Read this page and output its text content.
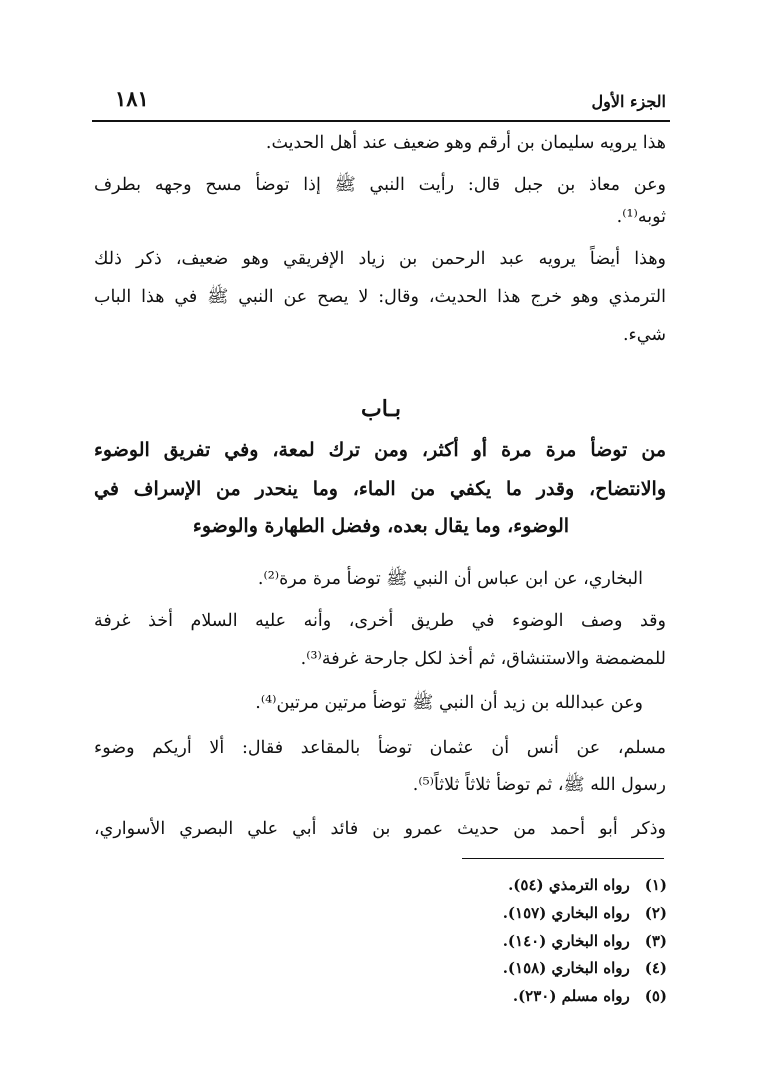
الجزء الأول
١٨١
هذا يرويه سليمان بن أرقم وهو ضعيف عند أهل الحديث.
وعن معاذ بن جبل قال: رأيت النبي ﷺ إذا توضأ مسح وجهه بطرف
ثوبه⁽¹⁾.
وهذا أيضاً يرويه عبد الرحمن بن زياد الإفريقي وهو ضعيف، ذكر ذلك
الترمذي وهو خرج هذا الحديث، وقال: لا يصح عن النبي ﷺ في هذا الباب
شيء.
بـاب
من توضأ مرة مرة أو أكثر، ومن ترك لمعة، وفي تفريق الوضوء
والانتضاح، وقدر ما يكفي من الماء، وما ينحدر من الإسراف في
الوضوء، وما يقال بعده، وفضل الطهارة والوضوء
البخاري، عن ابن عباس أن النبي ﷺ توضأ مرة مرة⁽²⁾.
وقد وصف الوضوء في طريق أخرى، وأنه عليه السلام أخذ غرفة
للمضمضة والاستنشاق، ثم أخذ لكل جارحة غرفة⁽³⁾.
وعن عبدالله بن زيد أن النبي ﷺ توضأ مرتين مرتين⁽⁴⁾.
مسلم، عن أنس أن عثمان توضأ بالمقاعد فقال: ألا أريكم وضوء
رسول الله ﷺ، ثم توضأ ثلاثاً ثلاثاً⁽⁵⁾.
وذكر أبو أحمد من حديث عمرو بن فائد أبي علي البصري الأسواري،
(١) رواه الترمذي (٥٤).
(٢) رواه البخاري (١٥٧).
(٣) رواه البخاري (١٤٠).
(٤) رواه البخاري (١٥٨).
(٥) رواه مسلم (٢٣٠).
